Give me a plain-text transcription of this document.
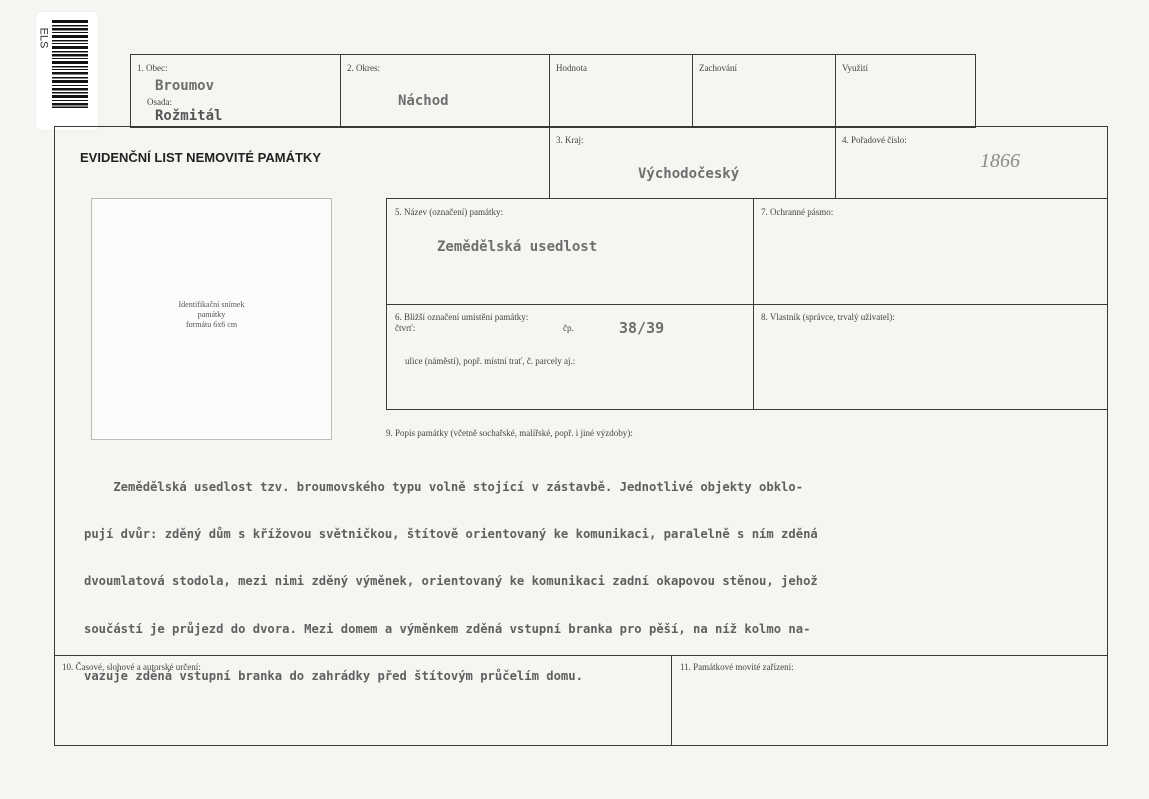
ELS
1. Obec:
Broumov
Osada:
Rožmitál
2. Okres:
Náchod
Hodnota	Zachování	Využití
EVIDENČNÍ LIST NEMOVITÉ PAMÁTKY
3. Kraj:
Východočeský
4. Pořadové číslo:
1866
Identifikační snímek
památky
formátu 6x6 cm
5. Název (označení) památky:
Zemědělská usedlost
7. Ochranné pásmo:
6. Bližší označení umístění památky:
čtvrť:	čp.	38/39
ulice (náměstí), popř. místní trať, č. parcely aj.:
8. Vlastník (správce, trvalý uživatel):
9. Popis památky (včetně sochařské, malířské, popř. i jiné výzdoby):

Zemědělská usedlost tzv. broumovského typu volně stojící v zástavbě. Jednotlivé objekty obklo-

pují dvůr: zděný dům s křížovou světničkou, štítově orientovaný ke komunikaci, paralelně s ním zděná

dvoumlatová stodola, mezi nimi zděný výměnek, orientovaný ke komunikaci zadní okapovou stěnou, jehož

součástí je průjezd do dvora. Mezi domem a výměnkem zděná vstupní branka pro pěší, na níž kolmo na-

vazuje zděná vstupní branka do zahrádky před štítovým průčelím domu.

10. Časové, slohové a autorské určení:	11. Památkové movité zařízení:
